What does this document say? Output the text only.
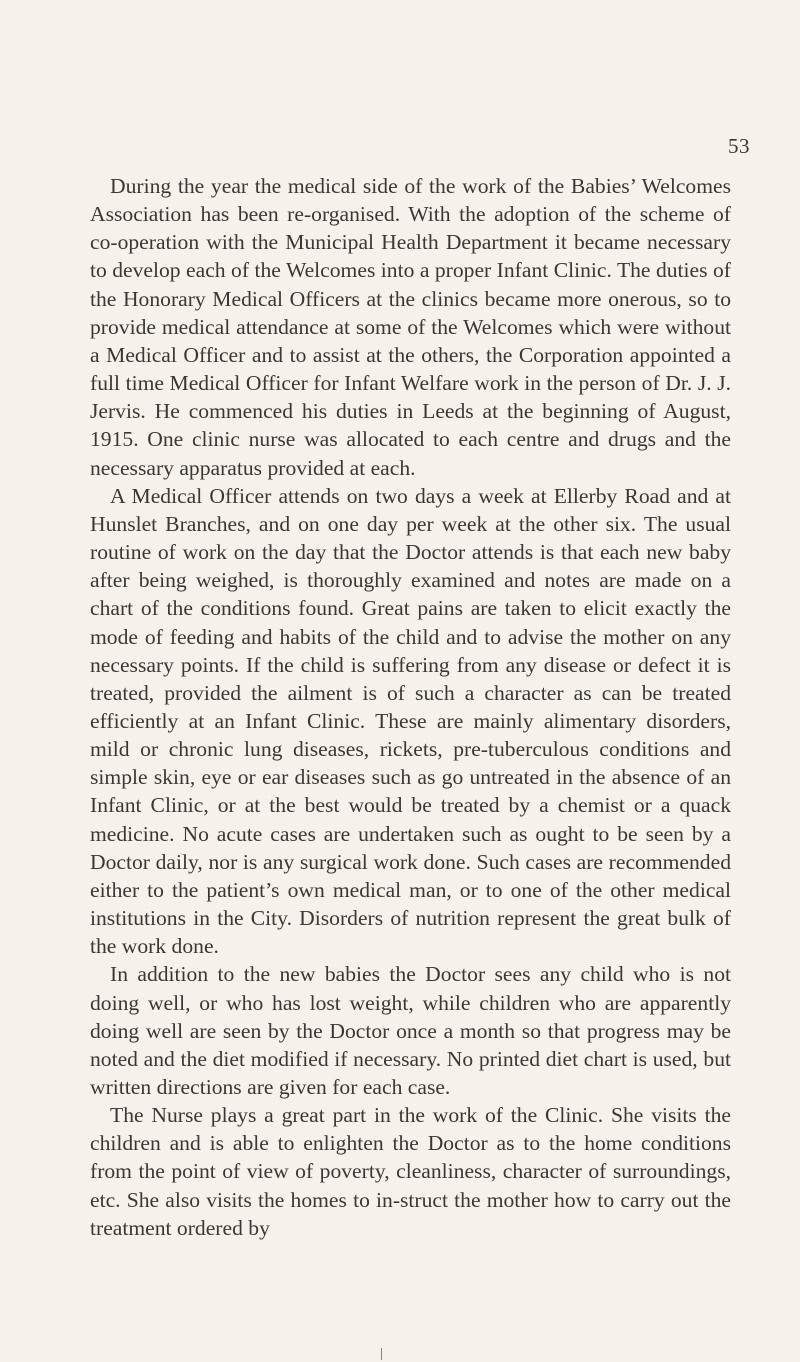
53

During the year the medical side of the work of the Babies’ Welcomes Association has been re-organised. With the adoption of the scheme of co-operation with the Municipal Health Department it became necessary to develop each of the Welcomes into a proper Infant Clinic. The duties of the Honorary Medical Officers at the clinics became more onerous, so to provide medical attendance at some of the Welcomes which were without a Medical Officer and to assist at the others, the Corporation appointed a full time Medical Officer for Infant Welfare work in the person of Dr. J. J. Jervis. He commenced his duties in Leeds at the beginning of August, 1915. One clinic nurse was allocated to each centre and drugs and the necessary apparatus provided at each.

A Medical Officer attends on two days a week at Ellerby Road and at Hunslet Branches, and on one day per week at the other six. The usual routine of work on the day that the Doctor attends is that each new baby after being weighed, is thoroughly examined and notes are made on a chart of the conditions found. Great pains are taken to elicit exactly the mode of feeding and habits of the child and to advise the mother on any necessary points. If the child is suffering from any disease or defect it is treated, provided the ailment is of such a character as can be treated efficiently at an Infant Clinic. These are mainly alimentary disorders, mild or chronic lung diseases, rickets, pre-tuberculous conditions and simple skin, eye or ear diseases such as go untreated in the absence of an Infant Clinic, or at the best would be treated by a chemist or a quack medicine. No acute cases are undertaken such as ought to be seen by a Doctor daily, nor is any surgical work done. Such cases are recommended either to the patient’s own medical man, or to one of the other medical institutions in the City. Disorders of nutrition represent the great bulk of the work done.

In addition to the new babies the Doctor sees any child who is not doing well, or who has lost weight, while children who are apparently doing well are seen by the Doctor once a month so that progress may be noted and the diet modified if necessary. No printed diet chart is used, but written directions are given for each case.

The Nurse plays a great part in the work of the Clinic. She visits the children and is able to enlighten the Doctor as to the home conditions from the point of view of poverty, cleanliness, character of surroundings, etc. She also visits the homes to in-struct the mother how to carry out the treatment ordered by
